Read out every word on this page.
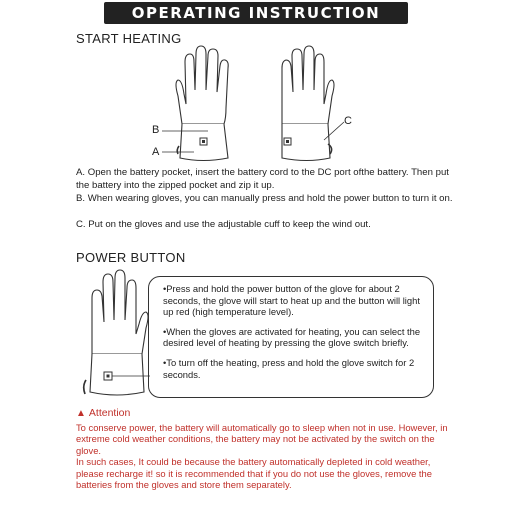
OPERATING INSTRUCTION
START HEATING
B
A
C
A. Open the battery pocket, insert the battery cord to the DC port ofthe battery. Then put the battery into the zipped pocket and zip it up.
B. When wearing gloves, you can manually press and hold the power button to turn it on.
C. Put on the gloves and use the adjustable cuff to keep the wind out.
POWER BUTTON
•Press and hold the power button of the glove for about 2 seconds, the glove will start to heat up and the button will light up red (high temperature level).
•When the gloves are activated for heating, you can select the desired level of heating by pressing the glove switch briefly.
•To turn off the heating, press and hold the glove switch for 2 seconds.
▲ Attention

To conserve power, the battery will automatically go to sleep when not in use. However, in extreme cold weather conditions, the battery may not be activated by the switch on the glove.

In such cases, It could be because the battery automatically depleted in cold weather, please recharge it! so it is recommended that if you do not use the gloves, remove the batteries from the gloves and store them separately.
